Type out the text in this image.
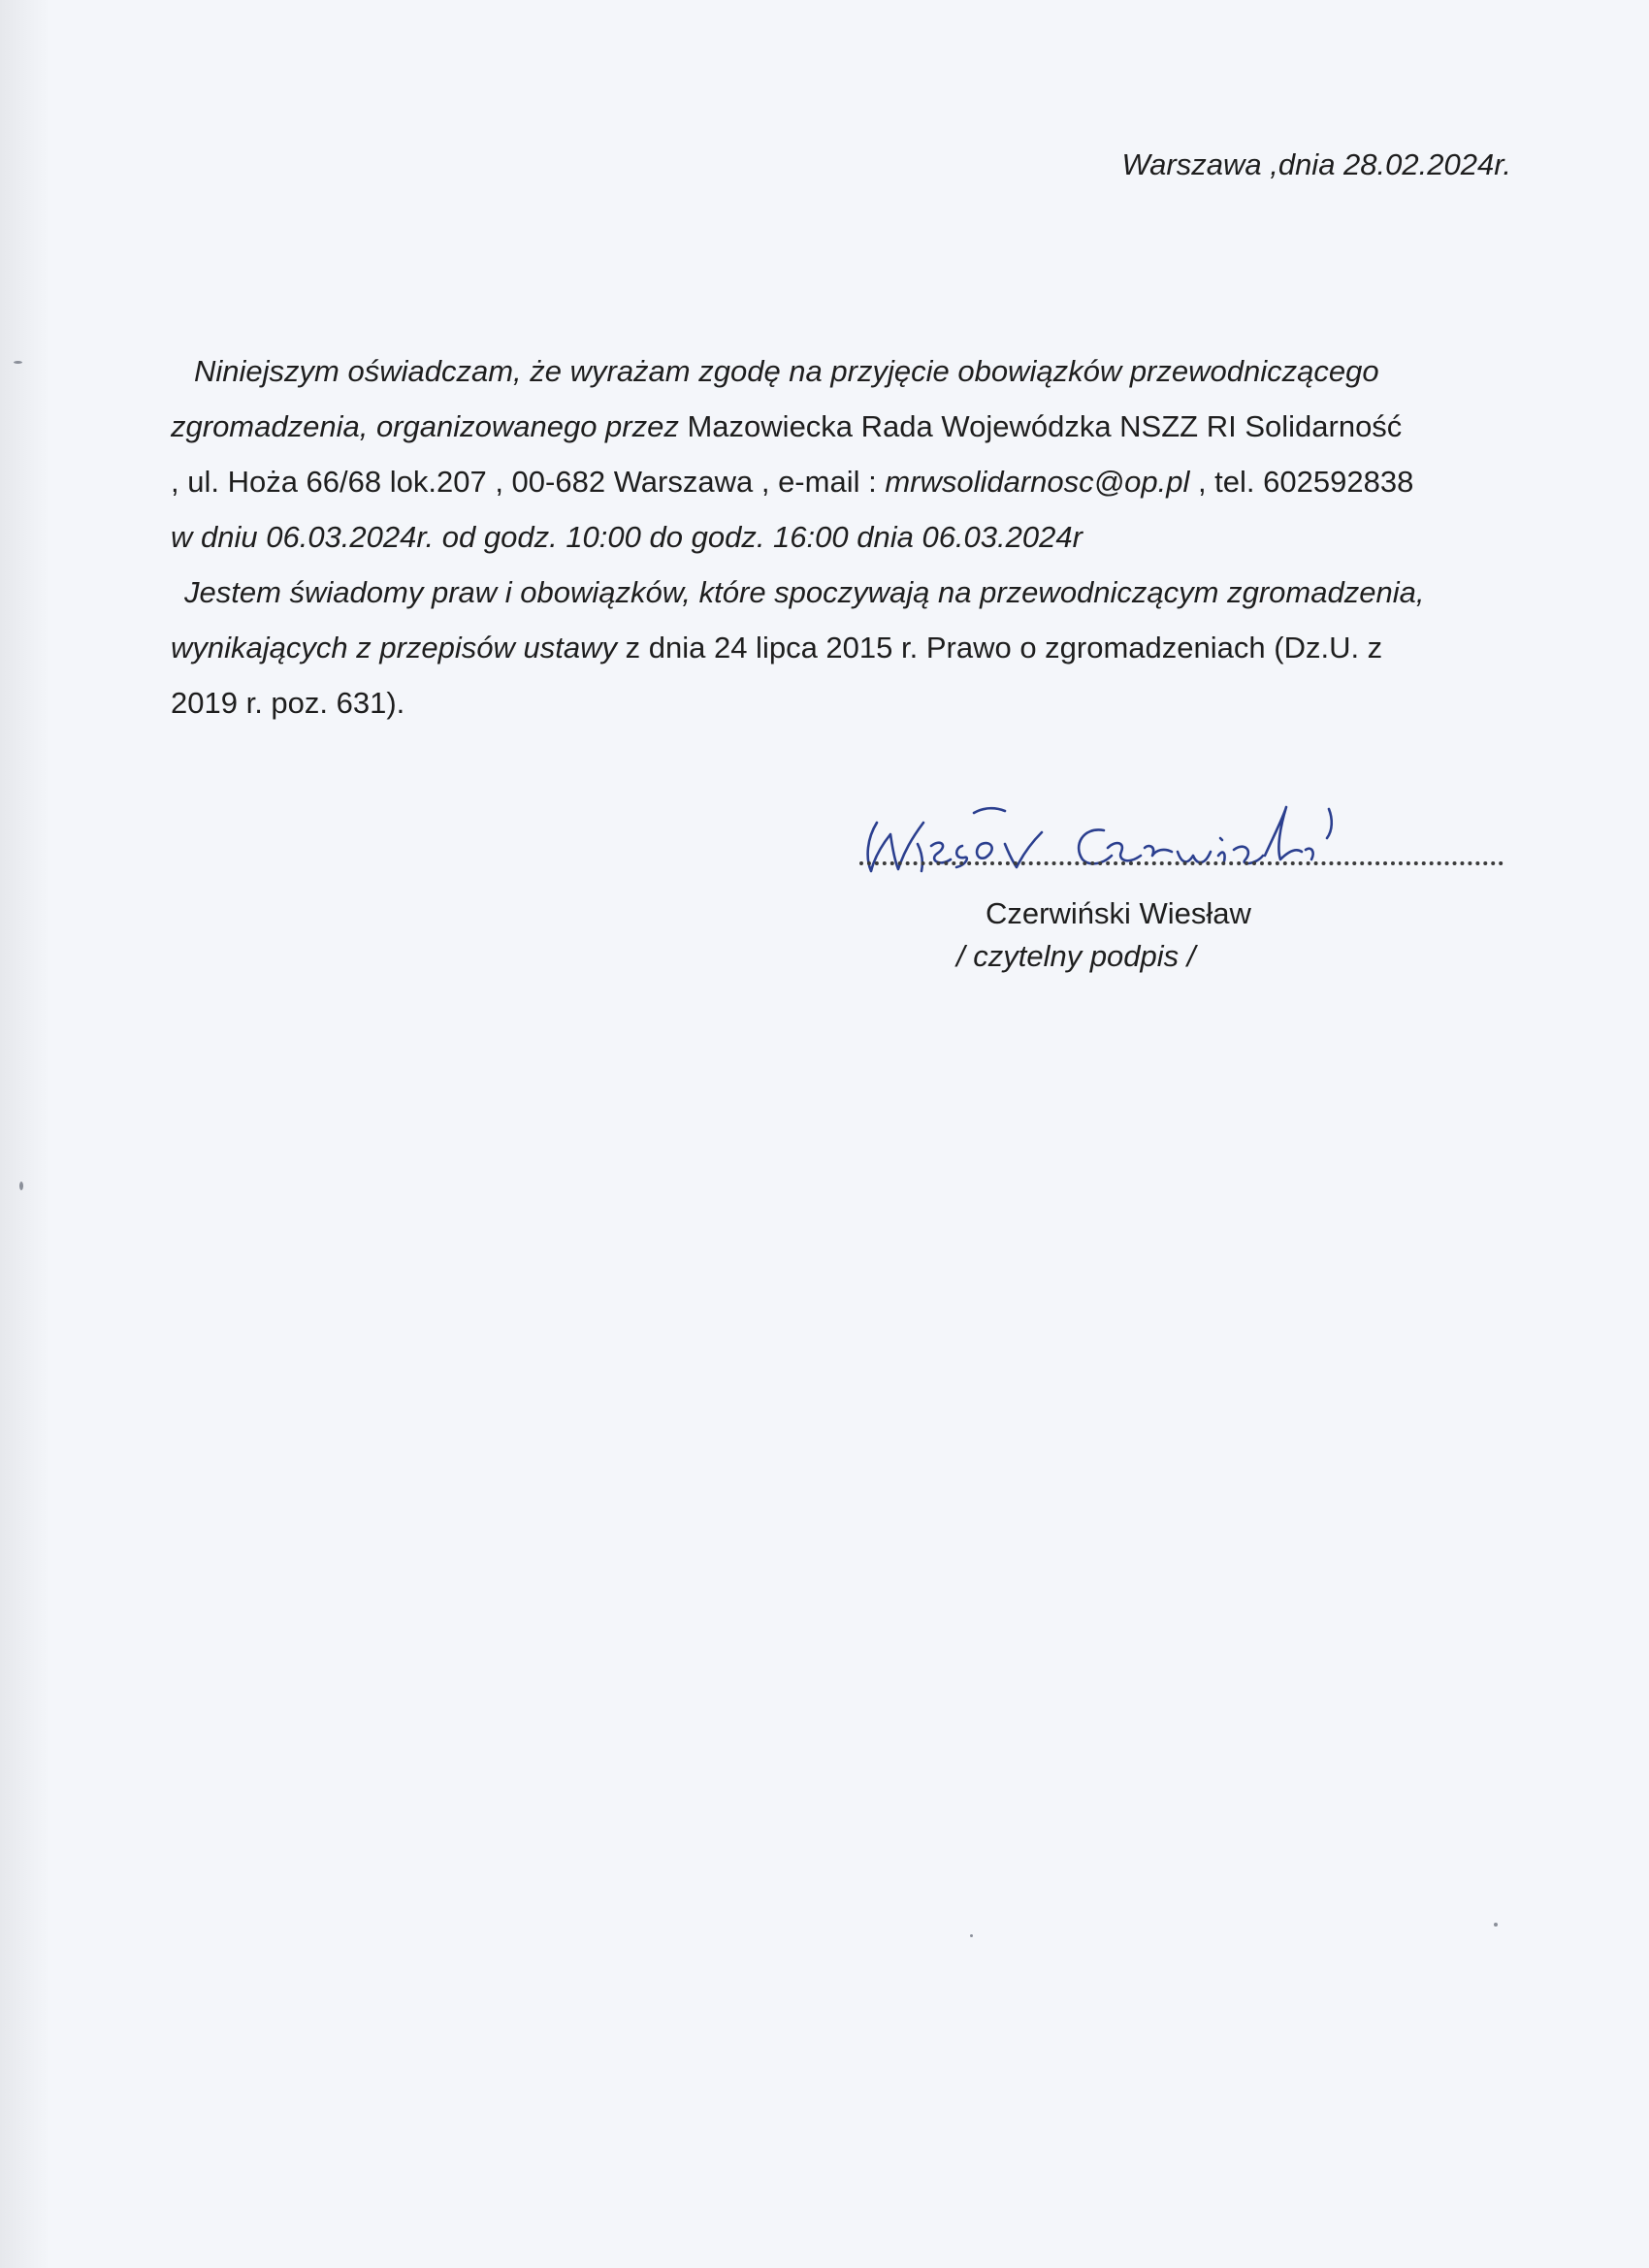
Warszawa ,dnia 28.02.2024r.
Niniejszym oświadczam, że wyrażam zgodę na przyjęcie obowiązków przewodniczącego
zgromadzenia, organizowanego przez Mazowiecka Rada Wojewódzka NSZZ RI Solidarność
, ul. Hoża 66/68 lok.207 , 00-682 Warszawa , e-mail : mrwsolidarnosc@op.pl , tel. 602592838
w dniu 06.03.2024r. od godz. 10:00 do godz. 16:00 dnia 06.03.2024r
Jestem świadomy praw i obowiązków, które spoczywają na przewodniczącym zgromadzenia,
wynikających z przepisów ustawy z dnia 24 lipca 2015 r. Prawo o zgromadzeniach (Dz.U. z
2019 r. poz. 631).
Czerwiński Wiesław
/ czytelny podpis /
